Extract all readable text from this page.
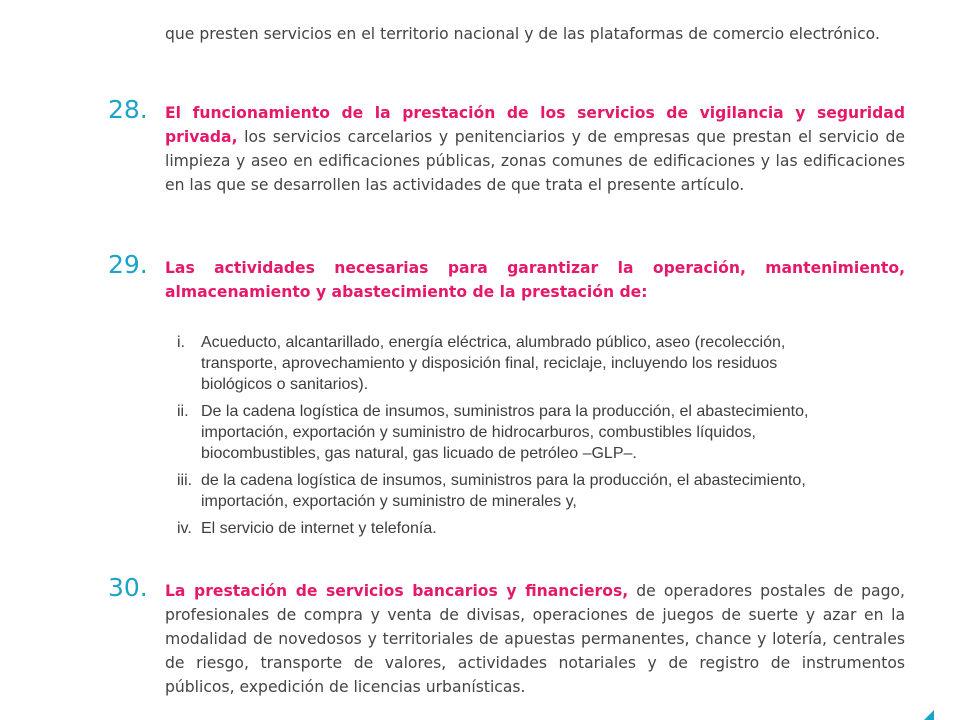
que presten servicios en el territorio nacional y de las plataformas de comercio electrónico.

28. El funcionamiento de la prestación de los servicios de vigilancia y seguridad privada, los servicios carcelarios y penitenciarios y de empresas que prestan el servicio de limpieza y aseo en edificaciones públicas, zonas comunes de edificaciones y las edificaciones en las que se desarrollen las actividades de que trata el presente artículo.

29. Las actividades necesarias para garantizar la operación, mantenimiento, almacenamiento y abastecimiento de la prestación de:

i. Acueducto, alcantarillado, energía eléctrica, alumbrado público, aseo (recolección, transporte, aprovechamiento y disposición final, reciclaje, incluyendo los residuos biológicos o sanitarios).
ii. De la cadena logística de insumos, suministros para la producción, el abastecimiento, importación, exportación y suministro de hidrocarburos, combustibles líquidos, biocombustibles, gas natural, gas licuado de petróleo –GLP–.
iii. de la cadena logística de insumos, suministros para la producción, el abastecimiento, importación, exportación y suministro de minerales y,
iv. El servicio de internet y telefonía.
30. La prestación de servicios bancarios y financieros, de operadores postales de pago, profesionales de compra y venta de divisas, operaciones de juegos de suerte y azar en la modalidad de novedosos y territoriales de apuestas permanentes, chance y lotería, centrales de riesgo, transporte de valores, actividades notariales y de registro de instrumentos públicos, expedición de licencias urbanísticas.
